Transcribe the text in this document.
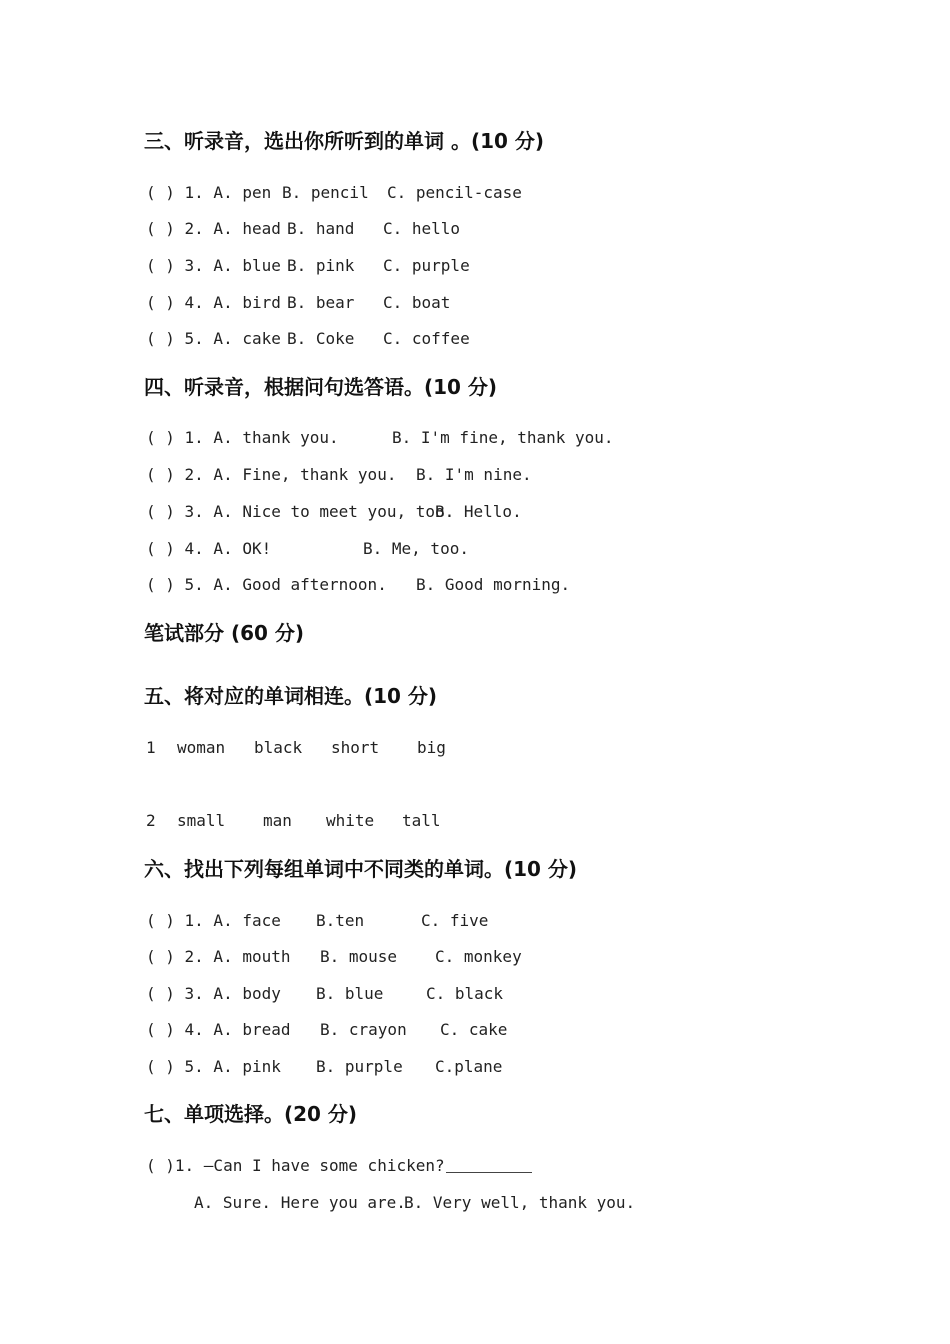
三、听录音，选出你所听到的单词 。(10 分)

( ) 1. A. pen B. pencil C. pencil-case

( ) 2. A. head B. hand C. hello

( ) 3. A. blue B. pink C. purple

( ) 4. A. bird B. bear C. boat

( ) 5. A. cake B. Coke C. coffee

四、听录音，根据问句选答语。(10 分)

( ) 1. A. thank you.	B. I'm fine, thank you.

( ) 2. A. Fine, thank you. B. I'm nine.

( ) 3. A. Nice to meet you, too.
B. Hello.

( ) 4. A. OK!	B. Me, too.

( ) 5. A. Good afternoon. B. Good morning.

笔试部分 (60 分)
五、将对应的单词相连。(10 分)

1 woman black short big

2 small man white tall

六、找出下列每组单词中不同类的单词。(10 分)

( ) 1. A. face B.ten	C. five

( ) 2. A. mouth B. mouse C. monkey

( ) 3. A. body B. blue	C. black

( ) 4. A. bread B. crayon C. cake

( ) 5. A. pink B. purple C.plane

七、单项选择。(20 分)
( )1. —Can I have some chicken?

A. Sure. Here you are.
B. Very well, thank you.
